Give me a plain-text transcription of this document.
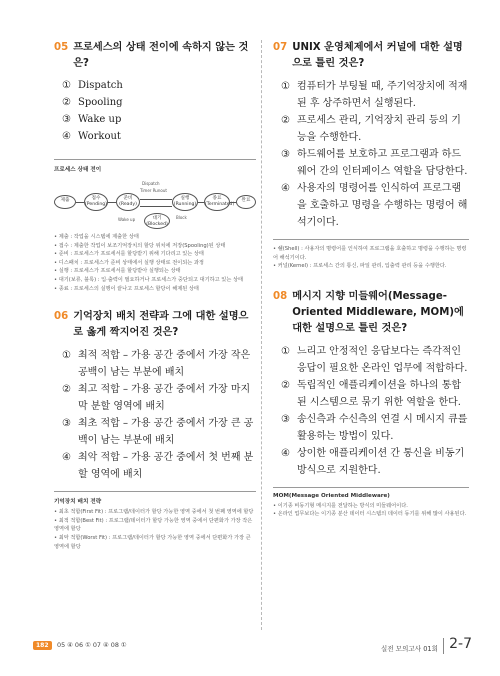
05 프로세스의 상태 전이에 속하지 않는 것은?
① Dispatch
② Spooling
③ Wake up
④ Workout
프로세스 상태 전이
제출	접수
(Pending)
준비
(Ready)
실행
(Running)
대기
(Blocked)
종료
(Terminated)
완료
Dispatch
Timer Runout
Block
Wake up
• 제출 : 작업을 시스템에 제출한 상태
• 접수 : 제출한 작업이 보조기억장치의 할당 위치에 저장(Spooling)된 상태
• 준비 : 프로세스가 프로세서를 할당받기 위해 기다리고 있는 상태
• 디스패치 : 프로세스가 준비 상태에서 실행 상태로 전이되는 과정
• 실행 : 프로세스가 프로세서를 할당받아 실행되는 상태
• 대기(보류, 블록) : 입·출력이 필요하거나 프로세스가 중단되고 대기하고 있는 상태
• 종료 : 프로세스의 실행이 끝나고 프로세스 할당이 해제된 상태
06 기억장치 배치 전략과 그에 대한 설명으로 옳게 짝지어진 것은?
① 최적 적합 – 가용 공간 중에서 가장 작은 공백이 남는 부분에 배치
② 최고 적합 – 가용 공간 중에서 가장 마지막 분할 영역에 배치
③ 최초 적합 – 가용 공간 중에서 가장 큰 공백이 남는 부분에 배치
④ 최악 적합 – 가용 공간 중에서 첫 번째 분할 영역에 배치
기억장치 배치 전략
• 최초 적합(First Fit) : 프로그램/데이터가 할당 가능한 영역 중에서 첫 번째 영역에 할당
• 최적 적합(Best Fit) : 프로그램/데이터가 할당 가능한 영역 중에서 단편화가 가장 작은 영역에 할당
• 최악 적합(Worst Fit) : 프로그램/데이터가 할당 가능한 영역 중에서 단편화가 가장 큰 영역에 할당
07 UNIX 운영체제에서 커널에 대한 설명으로 틀린 것은?
① 컴퓨터가 부팅될 때, 주기억장치에 적재된 후 상주하면서 실행된다.
② 프로세스 관리, 기억장치 관리 등의 기능을 수행한다.
③ 하드웨어를 보호하고 프로그램과 하드웨어 간의 인터페이스 역할을 담당한다.
④ 사용자의 명령어를 인식하여 프로그램을 호출하고 명령을 수행하는 명령어 해석기이다.
• 쉘(Shell) : 사용자의 명령어를 인식하여 프로그램을 호출하고 명령을 수행하는 명령어 해석기이다.
• 커널(Kernel) : 프로세스 간의 통신, 파일 관리, 입출력 관리 등을 수행한다.
08 메시지 지향 미들웨어(Message-Oriented Middleware, MOM)에 대한 설명으로 틀린 것은?
① 느리고 안정적인 응답보다는 즉각적인 응답이 필요한 온라인 업무에 적합하다.
② 독립적인 애플리케이션을 하나의 통합된 시스템으로 묶기 위한 역할을 한다.
③ 송신측과 수신측의 연결 시 메시지 큐를 활용하는 방법이 있다.
④ 상이한 애플리케이션 간 통신을 비동기 방식으로 지원한다.
MOM(Message Oriented Middleware)
• 이기종 비동기형 메시지를 전달하는 방식의 미들웨어이다.
• 온라인 업무보다는 이기종 분산 데이터 시스템의 데이터 동기를 위해 많이 사용된다.
182	05 ④ 06 ① 07 ④ 08 ①	실전 모의고사 01회 2-7
